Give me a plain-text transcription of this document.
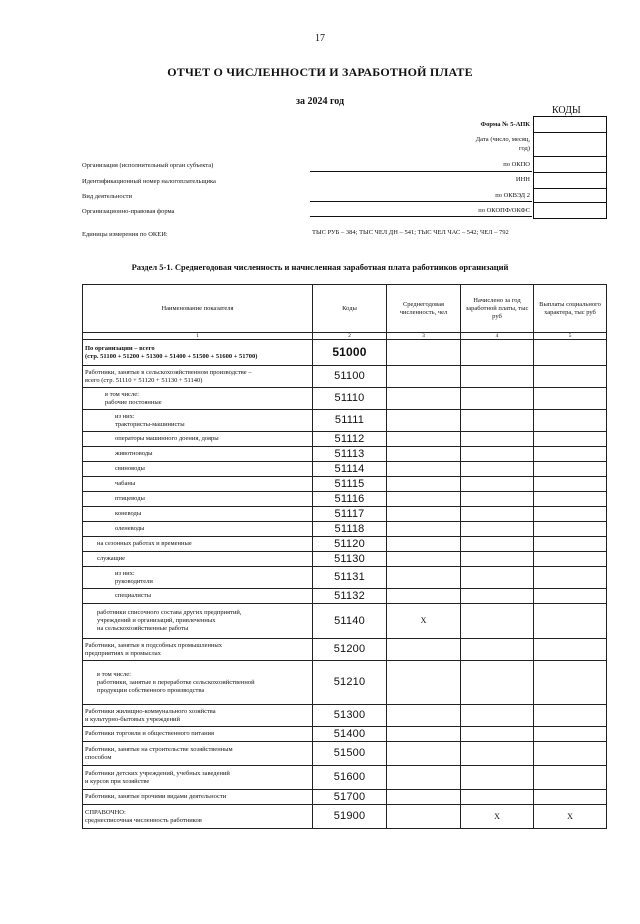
17
ОТЧЕТ О ЧИСЛЕННОСТИ И ЗАРАБОТНОЙ ПЛАТЕ
за 2024 год
КОДЫ
Форма № 5-АПК
Дата (число, месяц,
год)
по ОКПО
ИНН
по ОКВЭД 2
по ОКОПФ/ОКФС
Организация (исполнительный орган субъекта)
Идентификационный номер налогоплательщика
Вид деятельности
Организационно-правовая форма
Единицы измерения по ОКЕИ:	ТЫС РУБ – 384; ТЫС ЧЕЛ ДН – 541; ТЫС ЧЕЛ ЧАС – 542; ЧЕЛ – 792
Раздел 5-1. Среднегодовая численность и начисленная заработная плата работников организаций
Наименование показателя	Коды	Среднегодовая численность, чел	Начислено за год заработной платы, тыс руб	Выплаты социального характера, тыс руб
1	2	3	4	5

По организации – всего
(стр. 51100 + 51200 + 51300 + 51400 + 51500 + 51600 + 51700)	51000			

Работники, занятые в сельскохозяйственном производстве –
всего (стр. 51110 + 51120 + 51130 + 51140)	51100			

в том числе:
рабочие постоянные	51110			

из них:
трактористы-машинисты	51111			

операторы машинного доения, дояры	51112			

животноводы	51113			

свиноводы	51114			

чабаны	51115			

птицеводы	51116			

коневоды	51117			

оленеводы	51118			

на сезонных работах и временные	51120			

служащие	51130			

из них:
руководители	51131			

специалисты	51132			

работники списочного состава других предприятий,
учреждений и организаций, привлеченных
на сельскохозяйственные работы	51140	Х		

Работники, занятые в подсобных промышленных
предприятиях и промыслах	51200			

в том числе:
работники, занятые в переработке сельскохозяйственной
продукции собственного производства	51210			

Работники жилищно-коммунального хозяйства
и культурно-бытовых учреждений	51300			

Работники торговли и общественного питания	51400			

Работники, занятые на строительстве хозяйственным
способом	51500			

Работники детских учреждений, учебных заведений
и курсов при хозяйстве	51600			

Работники, занятые прочими видами деятельности	51700			

СПРАВОЧНО:
среднесписочная численность работников	51900		Х	Х
